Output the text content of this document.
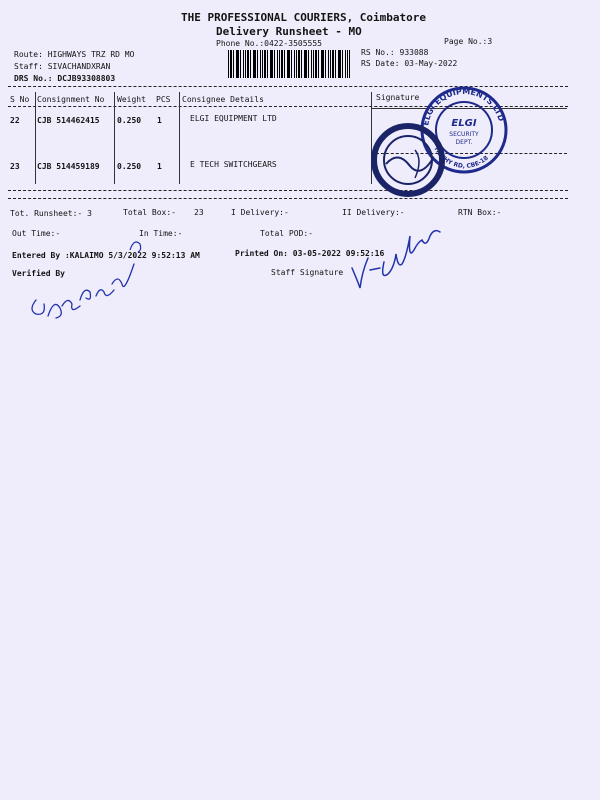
THE PROFESSIONAL COURIERS, Coimbatore
Delivery Runsheet - MO
Phone No.:0422-3505555	Page No.:3
Route: HIGHWAYS TRZ RD MO
Staff: SIVACHANDXRAN
DRS No.: DCJB93308803
RS No.: 933088
RS Date: 03-May-2022
S No Consignment No Weight PCS Consignee Details	Signature
22 CJB 514462415 0.250 1	ELGI EQUIPMENT LTD
23 CJB 514459189 0.250 1	E TECH SWITCHGEARS
Tot. Runsheet:- 3	Total Box:- 23	I Delivery:-	II Delivery:-	RTN Box:-
Out Time:-	In Time:-	Total POD:-
Entered By :KALAIMO 5/3/2022 9:52:13 AM	Printed On: 03-05-2022 09:52:16
Verified By	Staff Signature
ELGI EQUIPMENTS LTD
TRICHY RD, CBE-18
ELGI
SECURITY
DEPT.
